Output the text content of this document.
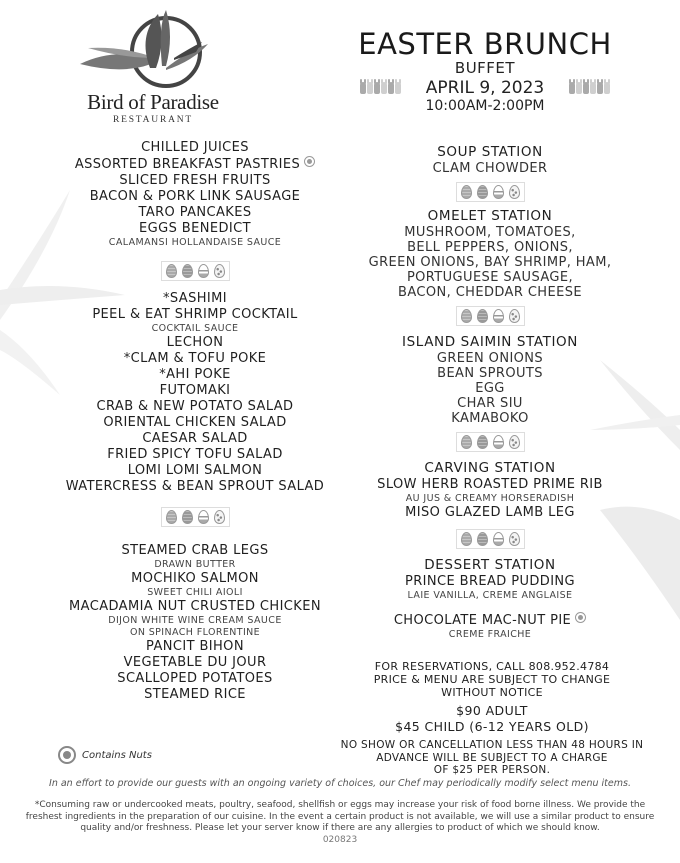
Bird of Paradise
RESTAURANT
EASTER BRUNCH
BUFFET
APRIL 9, 2023
10:00AM-2:00PM
CHILLED JUICES
ASSORTED BREAKFAST PASTRIES
SLICED FRESH FRUITS
BACON & PORK LINK SAUSAGE
TARO PANCAKES
EGGS BENEDICT
CALAMANSI HOLLANDAISE SAUCE
*SASHIMI
PEEL & EAT SHRIMP COCKTAIL
COCKTAIL SAUCE
LECHON
*CLAM & TOFU POKE
*AHI POKE
FUTOMAKI
CRAB & NEW POTATO SALAD
ORIENTAL CHICKEN SALAD
CAESAR SALAD
FRIED SPICY TOFU SALAD
LOMI LOMI SALMON
WATERCRESS & BEAN SPROUT SALAD
STEAMED CRAB LEGS
DRAWN BUTTER
MOCHIKO SALMON
SWEET CHILI AIOLI
MACADAMIA NUT CRUSTED CHICKEN
DIJON WHITE WINE CREAM SAUCE
ON SPINACH FLORENTINE
PANCIT BIHON
VEGETABLE DU JOUR
SCALLOPED POTATOES
STEAMED RICE
SOUP STATION
CLAM CHOWDER
OMELET STATION
MUSHROOM, TOMATOES,
BELL PEPPERS, ONIONS,
GREEN ONIONS, BAY SHRIMP, HAM,
PORTUGUESE SAUSAGE,
BACON, CHEDDAR CHEESE
ISLAND SAIMIN STATION
GREEN ONIONS
BEAN SPROUTS
EGG
CHAR SIU
KAMABOKO
CARVING STATION
SLOW HERB ROASTED PRIME RIB
AU JUS & CREAMY HORSERADISH
MISO GLAZED LAMB LEG
DESSERT STATION
PRINCE BREAD PUDDING
LAIE VANILLA, CREME ANGLAISE
CHOCOLATE MAC-NUT PIE
CREME FRAICHE
FOR RESERVATIONS, CALL 808.952.4784
PRICE & MENU ARE SUBJECT TO CHANGE
WITHOUT NOTICE
$90 ADULT
$45 CHILD (6-12 YEARS OLD)
NO SHOW OR CANCELLATION LESS THAN 48 HOURS IN
ADVANCE WILL BE SUBJECT TO A CHARGE
OF $25 PER PERSON.
Contains Nuts
In an effort to provide our guests with an ongoing variety of choices, our Chef may periodically modify select menu items.
*Consuming raw or undercooked meats, poultry, seafood, shellfish or eggs may increase your risk of food borne illness. We provide the freshest ingredients in the preparation of our cuisine. In the event a certain product is not available, we will use a similar product to ensure quality and/or freshness. Please let your server know if there are any allergies to product of which we should know.
020823
